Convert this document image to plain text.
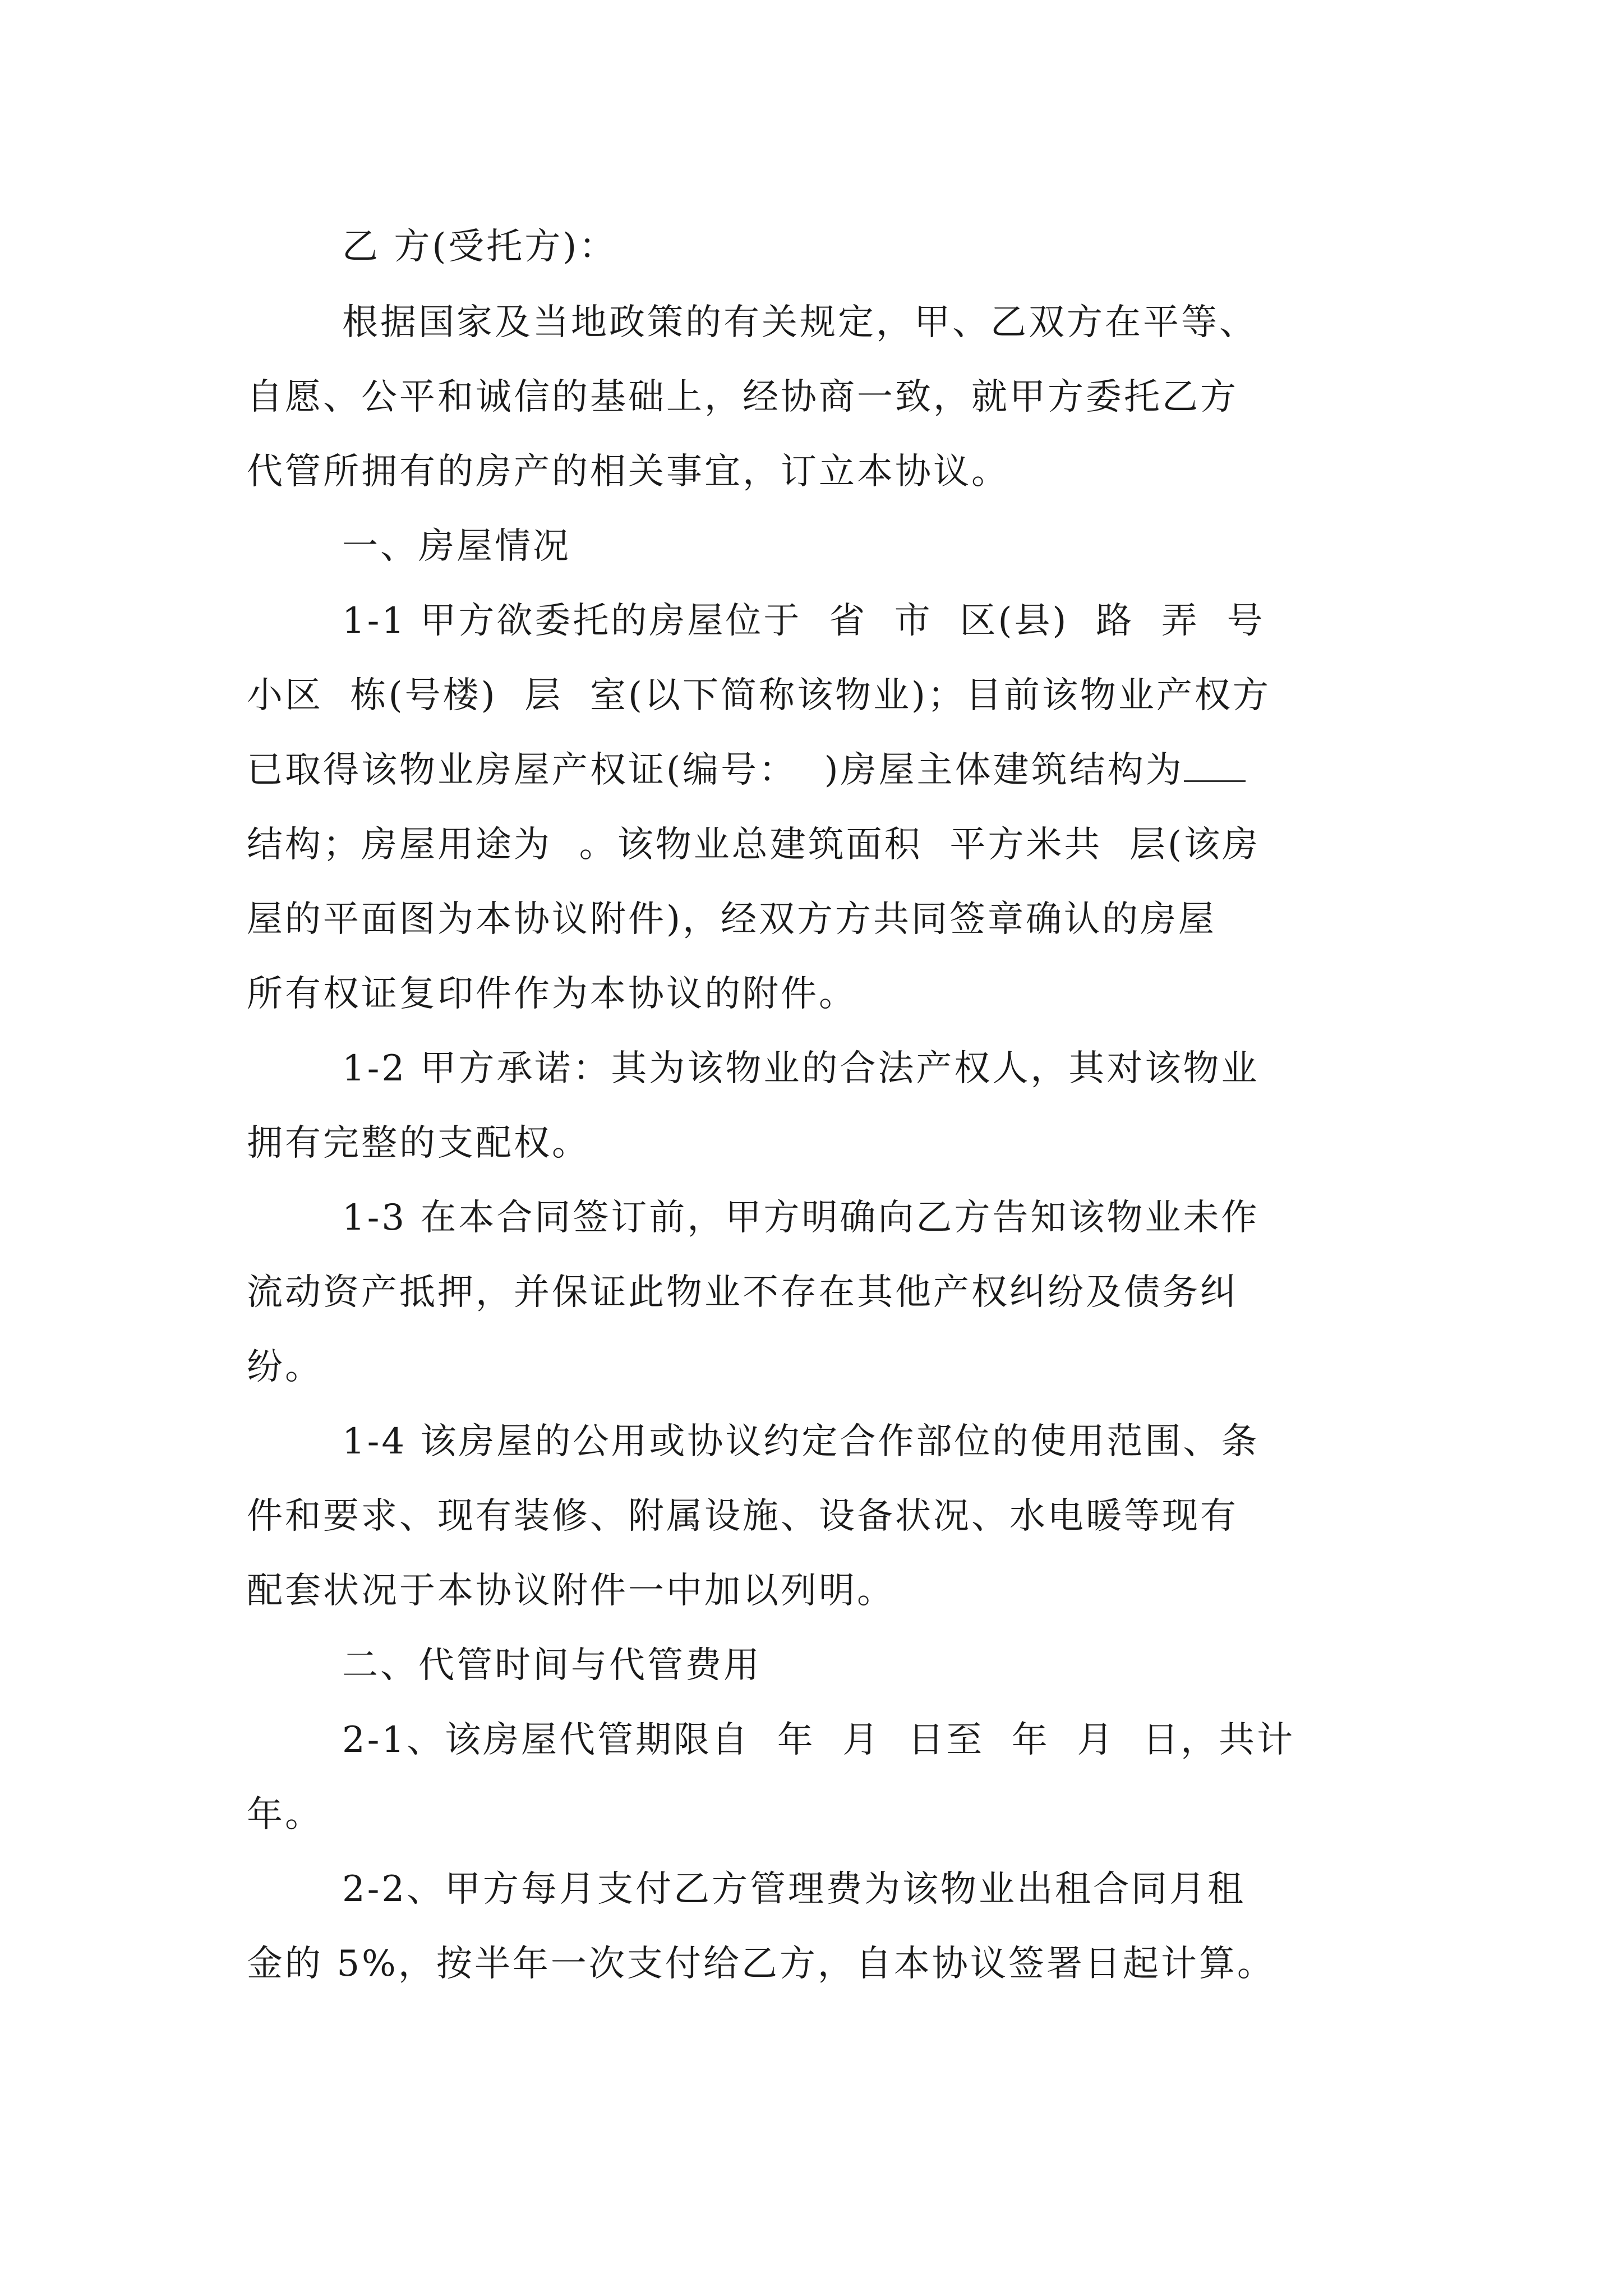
乙 方(受托方)：
根据国家及当地政策的有关规定，甲、乙双方在平等、
自愿、公平和诚信的基础上，经协商一致，就甲方委托乙方
代管所拥有的房产的相关事宜，订立本协议。
一、房屋情况
1-1 甲方欲委托的房屋位于  省  市  区(县)  路  弄  号
小区  栋(号楼)  层  室(以下简称该物业)；目前该物业产权方
已取得该物业房屋产权证(编号：  )房屋主体建筑结构为
结构；房屋用途为  。该物业总建筑面积  平方米共  层(该房
屋的平面图为本协议附件)，经双方方共同签章确认的房屋
所有权证复印件作为本协议的附件。
1-2 甲方承诺：其为该物业的合法产权人，其对该物业
拥有完整的支配权。
1-3 在本合同签订前，甲方明确向乙方告知该物业未作
流动资产抵押，并保证此物业不存在其他产权纠纷及债务纠
纷。
1-4 该房屋的公用或协议约定合作部位的使用范围、条
件和要求、现有装修、附属设施、设备状况、水电暖等现有
配套状况于本协议附件一中加以列明。
二、代管时间与代管费用
2-1、该房屋代管期限自  年  月  日至  年  月  日，共计
年。
2-2、甲方每月支付乙方管理费为该物业出租合同月租
金的 5%，按半年一次支付给乙方，自本协议签署日起计算。
